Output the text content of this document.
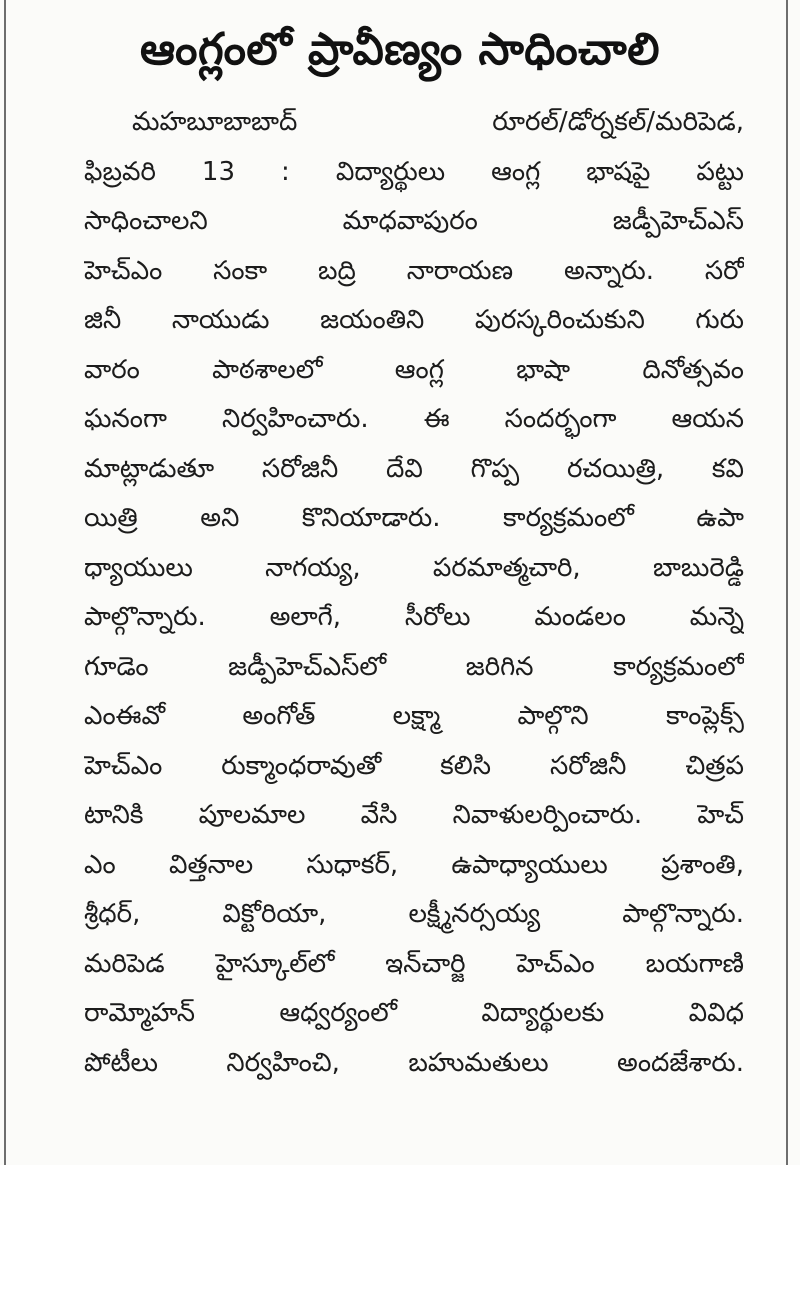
ఆంగ్లంలో ప్రావీణ్యం సాధించాలి
మహబూబాబాద్ రూరల్/డోర్నకల్/మరిపెడ,
ఫిబ్రవరి 13 : విద్యార్థులు ఆంగ్ల భాషపై పట్టు
సాధించాలని మాధవాపురం జడ్పీహెచ్ఎస్
హెచ్ఎం సంకా బద్రి నారాయణ అన్నారు. సరో
జినీ నాయుడు జయంతిని పురస్కరించుకుని గురు
వారం పాఠశాలలో ఆంగ్ల భాషా దినోత్సవం
ఘనంగా నిర్వహించారు. ఈ సందర్భంగా ఆయన
మాట్లాడుతూ సరోజినీ దేవి గొప్ప రచయిత్రి, కవి
యిత్రి అని కొనియాడారు. కార్యక్రమంలో ఉపా
ధ్యాయులు నాగయ్య, పరమాత్మచారి, బాబురెడ్డి
పాల్గొన్నారు. అలాగే, సీరోలు మండలం మన్నె
గూడెం జడ్పీహెచ్ఎస్‌లో జరిగిన కార్యక్రమంలో
ఎంఈవో అంగోత్ లక్ష్మా పాల్గొని కాంప్లెక్స్
హెచ్ఎం రుక్మాంధరావుతో కలిసి సరోజినీ చిత్రప
టానికి పూలమాల వేసి నివాళులర్పించారు. హెచ్
ఎం విత్తనాల సుధాకర్, ఉపాధ్యాయులు ప్రశాంతి,
శ్రీధర్, విక్టోరియా, లక్ష్మీనర్సయ్య పాల్గొన్నారు.
మరిపెడ హైస్కూల్‌లో ఇన్‌చార్జి హెచ్ఎం బయగాణి
రామ్మోహన్ ఆధ్వర్యంలో విద్యార్థులకు వివిధ
పోటీలు నిర్వహించి, బహుమతులు అందజేశారు.
